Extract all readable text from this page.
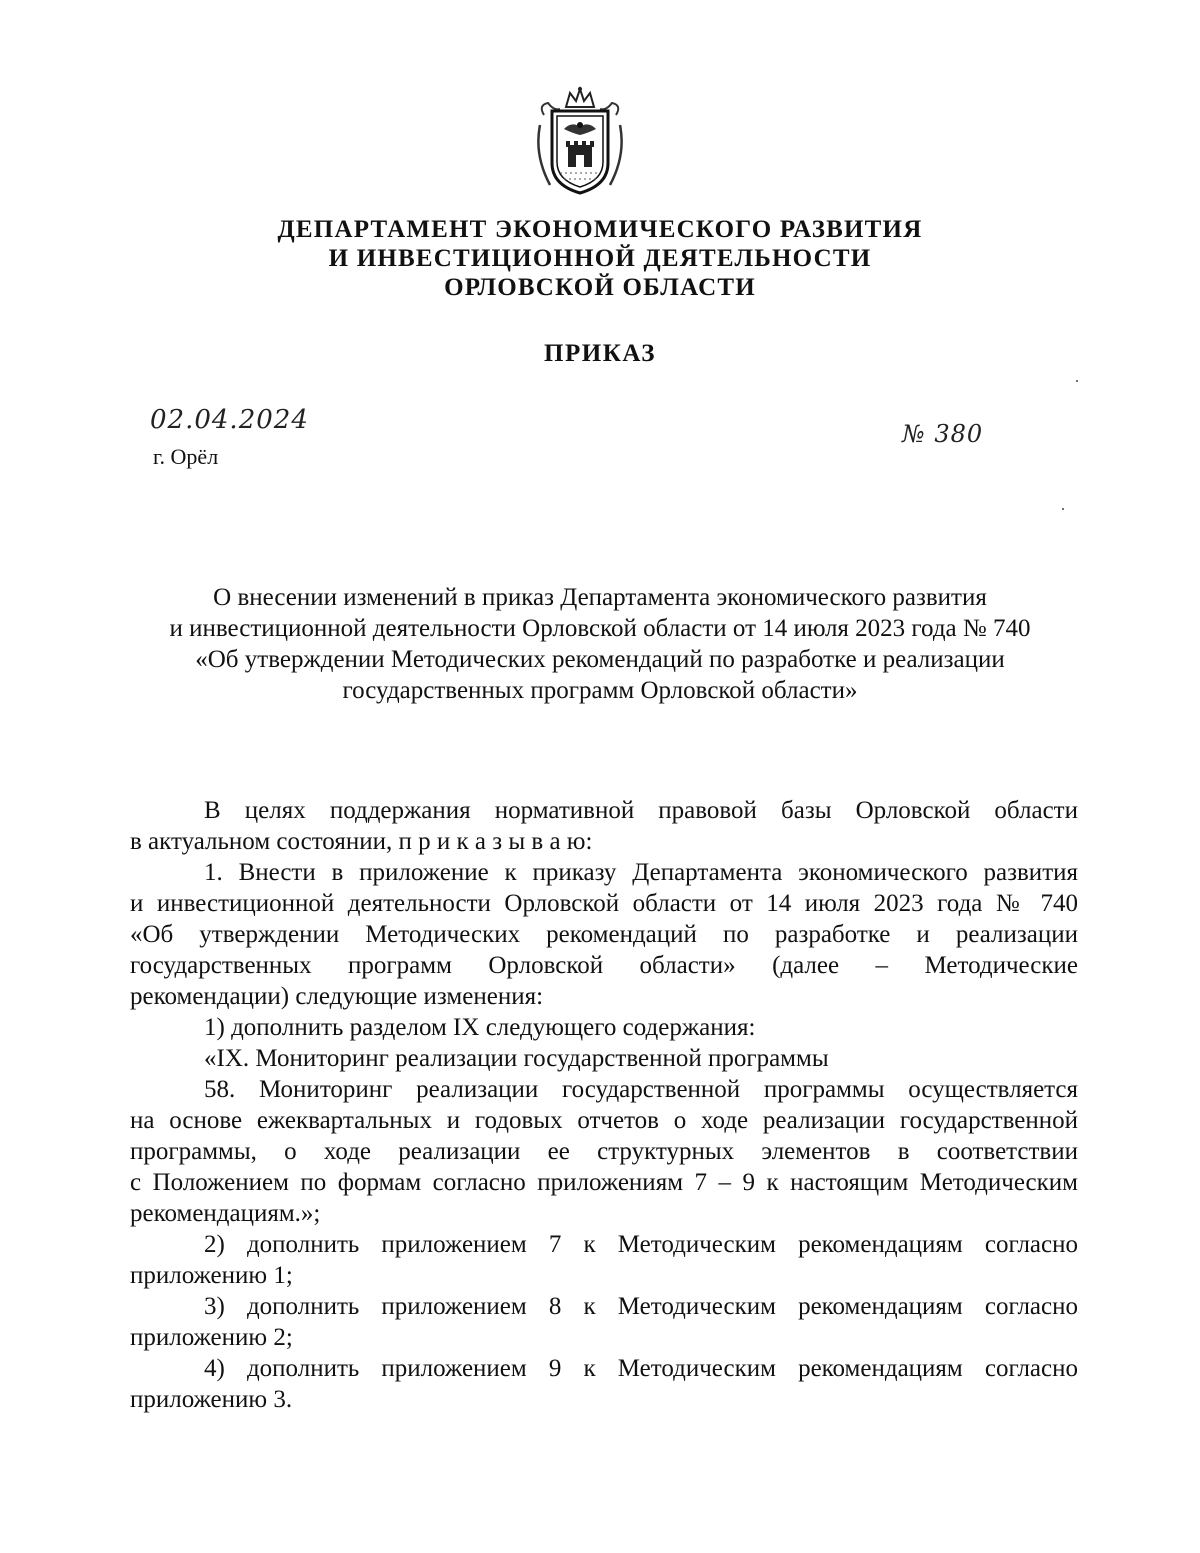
ДЕПАРТАМЕНТ ЭКОНОМИЧЕСКОГО РАЗВИТИЯ
И ИНВЕСТИЦИОННОЙ ДЕЯТЕЛЬНОСТИ
ОРЛОВСКОЙ ОБЛАСТИ
ПРИКАЗ
02.04.2024	№ 380
г. Орёл
О внесении изменений в приказ Департамента экономического развития
и инвестиционной деятельности Орловской области от 14 июля 2023 года № 740
«Об утверждении Методических рекомендаций по разработке и реализации
государственных программ Орловской области»
В целях поддержания нормативной правовой базы Орловской области
в актуальном состоянии, п р и к а з ы в а ю:
1. Внести в приложение к приказу Департамента экономического развития
и инвестиционной деятельности Орловской области от 14 июля 2023 года № 740
«Об утверждении Методических рекомендаций по разработке и реализации
государственных программ Орловской области» (далее – Методические
рекомендации) следующие изменения:
1) дополнить разделом IX следующего содержания:
«IX. Мониторинг реализации государственной программы
58. Мониторинг реализации государственной программы осуществляется
на основе ежеквартальных и годовых отчетов о ходе реализации государственной
программы, о ходе реализации ее структурных элементов в соответствии
с Положением по формам согласно приложениям 7 – 9 к настоящим Методическим
рекомендациям.»;
2) дополнить приложением 7 к Методическим рекомендациям согласно
приложению 1;
3) дополнить приложением 8 к Методическим рекомендациям согласно
приложению 2;
4) дополнить приложением 9 к Методическим рекомендациям согласно
приложению 3.
